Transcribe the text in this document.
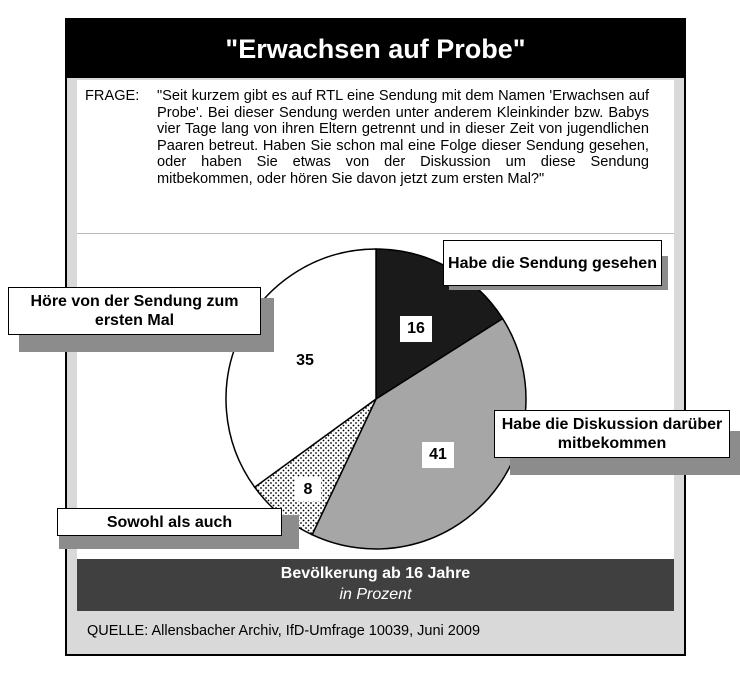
"Erwachsen auf Probe"
FRAGE: "Seit kurzem gibt es auf RTL eine Sendung mit dem Namen 'Erwachsen auf Probe'. Bei dieser Sendung werden unter anderem Kleinkinder bzw. Babys vier Tage lang von ihren Eltern getrennt und in dieser Zeit von jugendlichen Paaren betreut. Haben Sie schon mal eine Folge dieser Sendung gesehen, oder haben Sie etwas von der Diskussion um diese Sendung mitbekommen, oder hören Sie davon jetzt zum ersten Mal?"
Habe die Sendung gesehen
Habe die Diskussion darüber mitbekommen
Höre von der Sendung zum ersten Mal
Sowohl als auch
16
41
8
35
Bevölkerung ab 16 Jahre
in Prozent
QUELLE: Allensbacher Archiv, IfD-Umfrage 10039, Juni 2009
